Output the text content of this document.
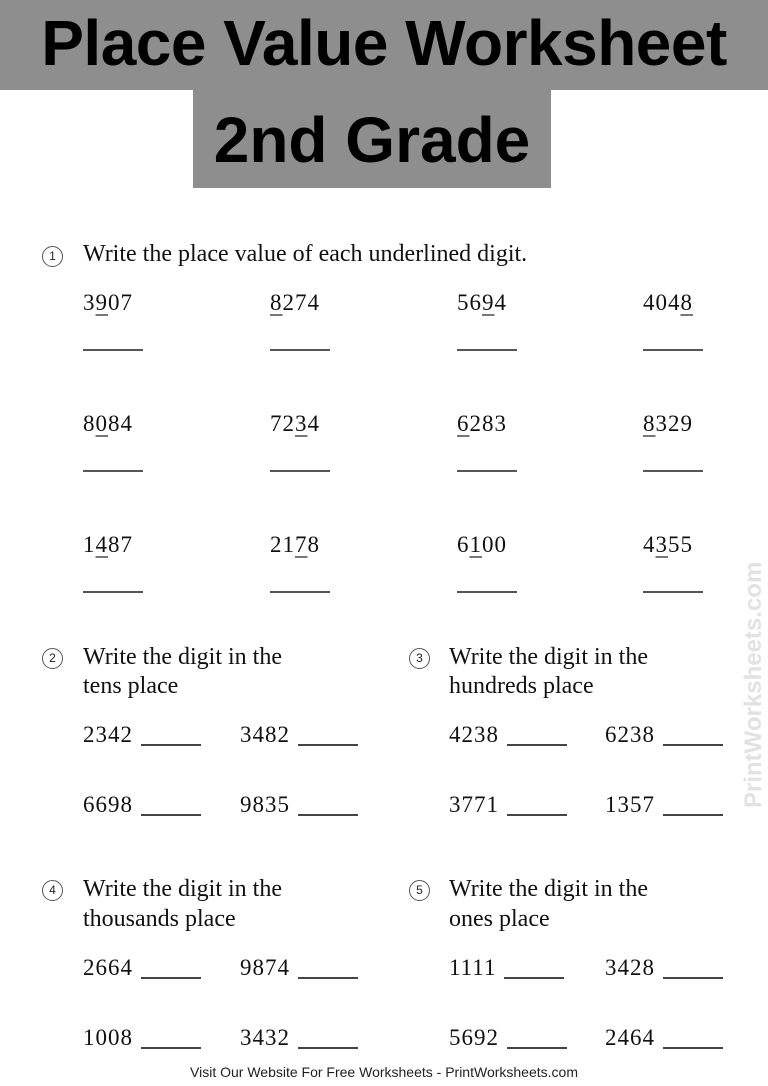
Place Value Worksheet
2nd Grade
1 Write the place value of each underlined digit.
3907	8274	5694	4048
8084	7234	6283	8329
1487	2178	6100	4355
2 Write the digit in the
tens place
2342	3482
6698	9835
3 Write the digit in the
hundreds place
4238	6238
3771	1357
4 Write the digit in the
thousands place
2664	9874
1008	3432
5 Write the digit in the
ones place
1111	3428
5692	2464
PrintWorksheets.com
Visit Our Website For Free Worksheets - PrintWorksheets.com
